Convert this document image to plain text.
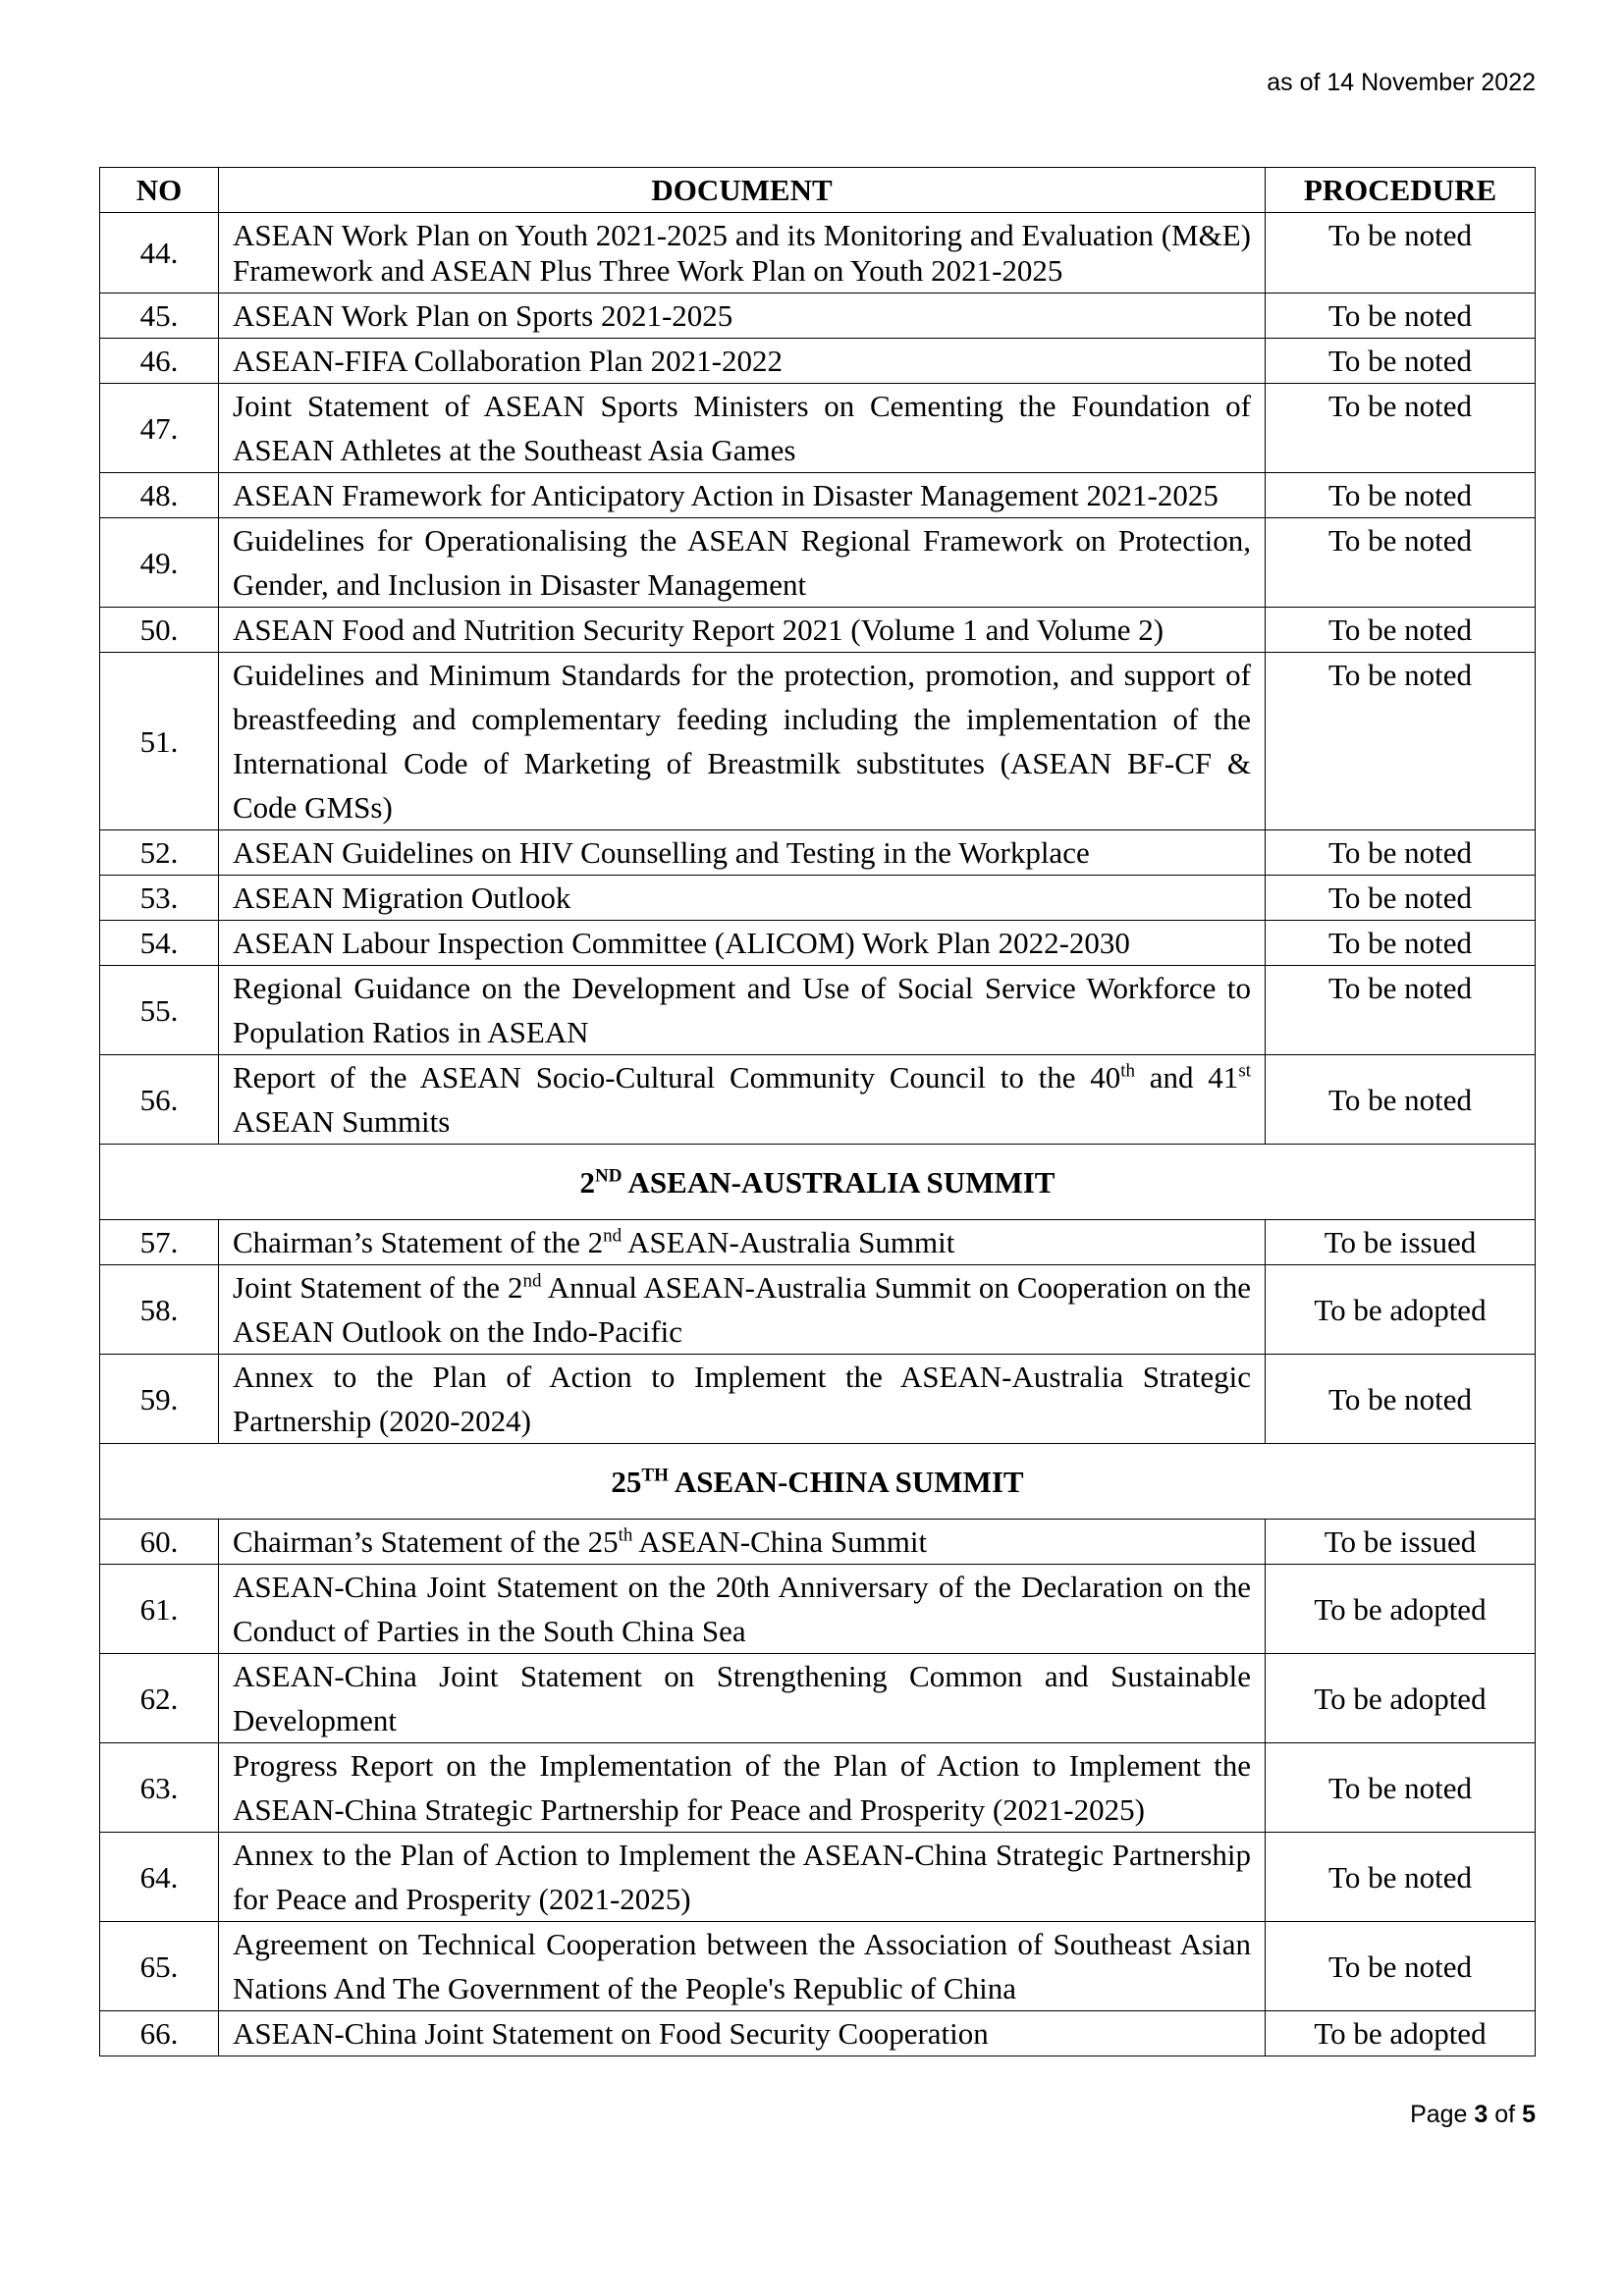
as of 14 November 2022
NO	DOCUMENT	PROCEDURE
44.	ASEAN Work Plan on Youth 2021-2025 and its Monitoring and Evaluation (M&E) Framework and ASEAN Plus Three Work Plan on Youth 2021-2025	To be noted
45.	ASEAN Work Plan on Sports 2021-2025	To be noted
46.	ASEAN-FIFA Collaboration Plan 2021-2022	To be noted
47.	Joint Statement of ASEAN Sports Ministers on Cementing the Foundation of ASEAN Athletes at the Southeast Asia Games	To be noted
48.	ASEAN Framework for Anticipatory Action in Disaster Management 2021-2025	To be noted
49.	Guidelines for Operationalising the ASEAN Regional Framework on Protection, Gender, and Inclusion in Disaster Management	To be noted
50.	ASEAN Food and Nutrition Security Report 2021 (Volume 1 and Volume 2)	To be noted
51.	Guidelines and Minimum Standards for the protection, promotion, and support of breastfeeding and complementary feeding including the implementation of the International Code of Marketing of Breastmilk substitutes (ASEAN BF-CF & Code GMSs)	To be noted
52.	ASEAN Guidelines on HIV Counselling and Testing in the Workplace	To be noted
53.	ASEAN Migration Outlook	To be noted
54.	ASEAN Labour Inspection Committee (ALICOM) Work Plan 2022-2030	To be noted
55.	Regional Guidance on the Development and Use of Social Service Workforce to Population Ratios in ASEAN	To be noted
56.	Report of the ASEAN Socio-Cultural Community Council to the 40th and 41st ASEAN Summits	To be noted
2ND ASEAN-AUSTRALIA SUMMIT		
57.	Chairman’s Statement of the 2nd ASEAN-Australia Summit	To be issued
58.	Joint Statement of the 2nd Annual ASEAN-Australia Summit on Cooperation on the ASEAN Outlook on the Indo-Pacific	To be adopted
59.	Annex to the Plan of Action to Implement the ASEAN-Australia Strategic Partnership (2020-2024)	To be noted
25TH ASEAN-CHINA SUMMIT		
60.	Chairman’s Statement of the 25th ASEAN-China Summit	To be issued
61.	ASEAN-China Joint Statement on the 20th Anniversary of the Declaration on the Conduct of Parties in the South China Sea	To be adopted
62.	ASEAN-China Joint Statement on Strengthening Common and Sustainable Development	To be adopted
63.	Progress Report on the Implementation of the Plan of Action to Implement the ASEAN-China Strategic Partnership for Peace and Prosperity (2021-2025)	To be noted
64.	Annex to the Plan of Action to Implement the ASEAN-China Strategic Partnership for Peace and Prosperity (2021-2025)	To be noted
65.	Agreement on Technical Cooperation between the Association of Southeast Asian Nations And The Government of the People's Republic of China	To be noted
66.	ASEAN-China Joint Statement on Food Security Cooperation	To be adopted
Page 3 of 5
